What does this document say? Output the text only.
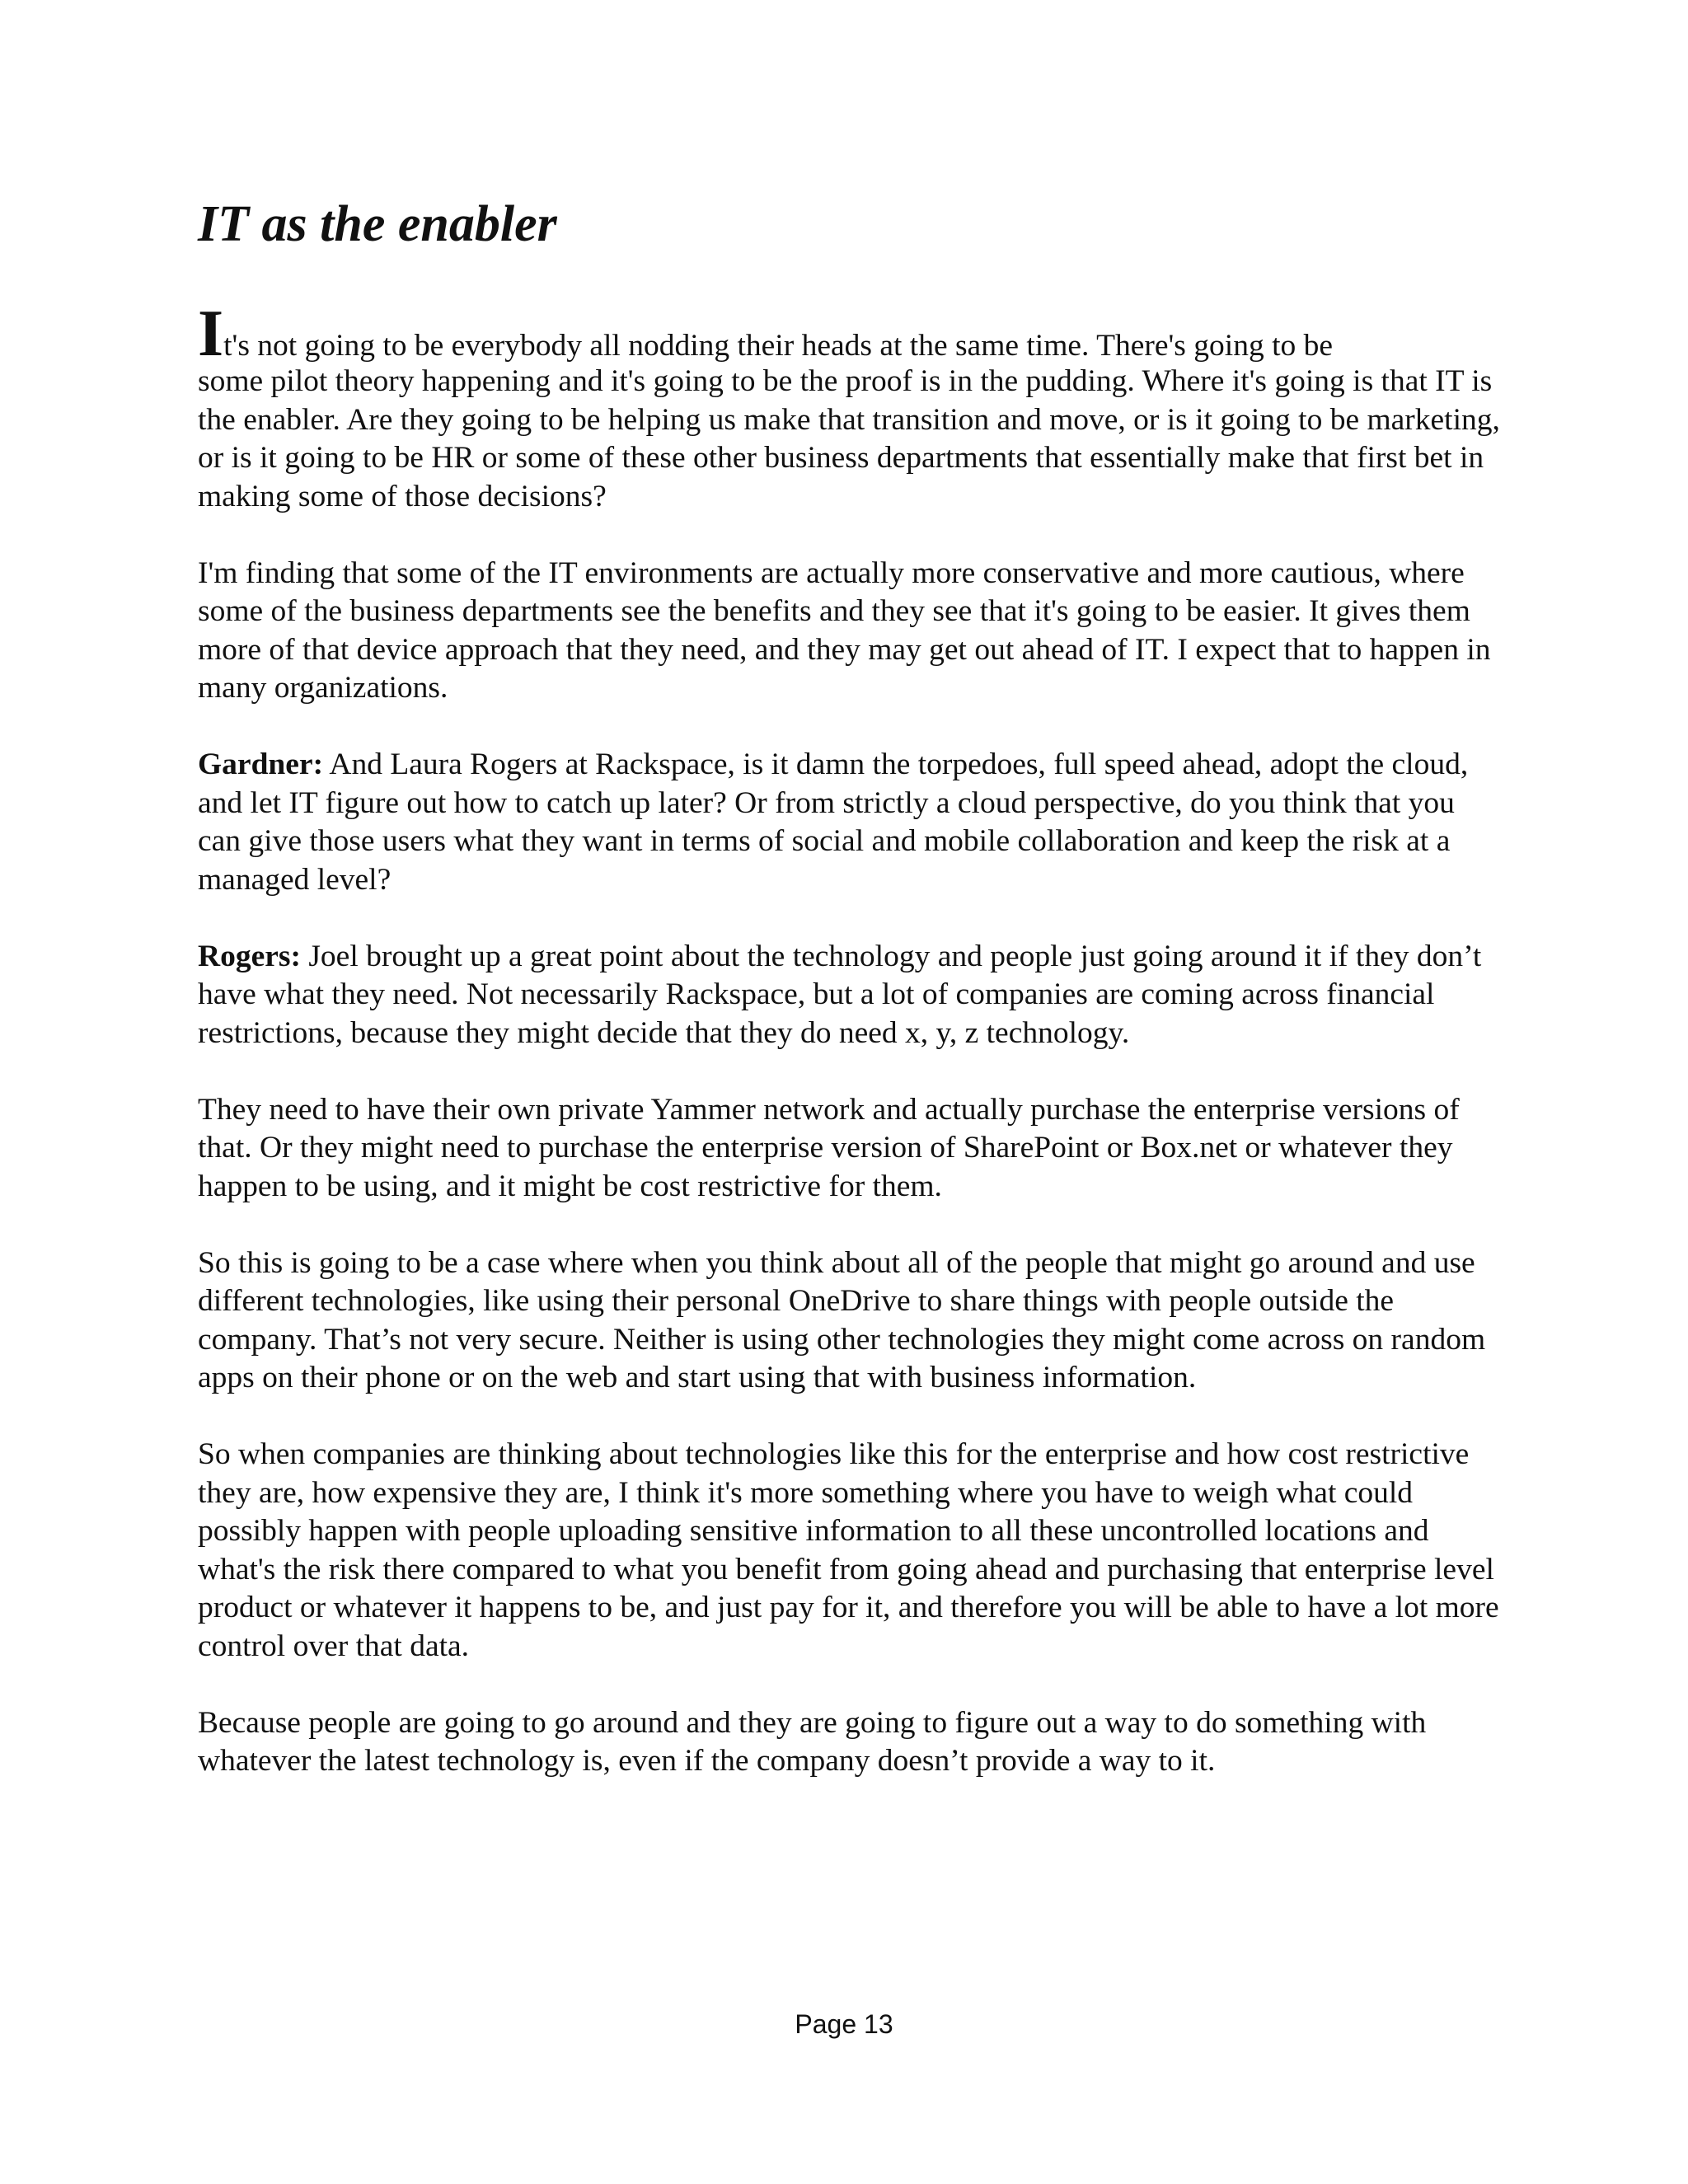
IT as the enabler

It's not going to be everybody all nodding their heads at the same time. There's going to be
some pilot theory happening and it's going to be the proof is in the pudding. Where it's going is that IT is the enabler. Are they going to be helping us make that transition and move, or is it going to be marketing, or is it going to be HR or some of these other business departments that essentially make that first bet in making some of those decisions?

I'm finding that some of the IT environments are actually more conservative and more cautious, where some of the business departments see the benefits and they see that it's going to be easier. It gives them more of that device approach that they need, and they may get out ahead of IT. I expect that to happen in many organizations.

Gardner: And Laura Rogers at Rackspace, is it damn the torpedoes, full speed ahead, adopt the cloud, and let IT figure out how to catch up later? Or from strictly a cloud perspective, do you think that you can give those users what they want in terms of social and mobile collaboration and keep the risk at a managed level?

Rogers: Joel brought up a great point about the technology and people just going around it if they don’t have what they need. Not necessarily Rackspace, but a lot of companies are coming across financial restrictions, because they might decide that they do need x, y, z technology.

They need to have their own private Yammer network and actually purchase the enterprise versions of that. Or they might need to purchase the enterprise version of SharePoint or Box.net or whatever they happen to be using, and it might be cost restrictive for them.

So this is going to be a case where when you think about all of the people that might go around and use different technologies, like using their personal OneDrive to share things with people outside the company. That’s not very secure. Neither is using other technologies they might come across on random apps on their phone or on the web and start using that with business information.

So when companies are thinking about technologies like this for the enterprise and how cost restrictive they are, how expensive they are, I think it's more something where you have to weigh what could possibly happen with people uploading sensitive information to all these uncontrolled locations and what's the risk there compared to what you benefit from going ahead and purchasing that enterprise level product or whatever it happens to be, and just pay for it, and therefore you will be able to have a lot more control over that data.

Because people are going to go around and they are going to figure out a way to do something with whatever the latest technology is, even if the company doesn’t provide a way to it.

Page 13
